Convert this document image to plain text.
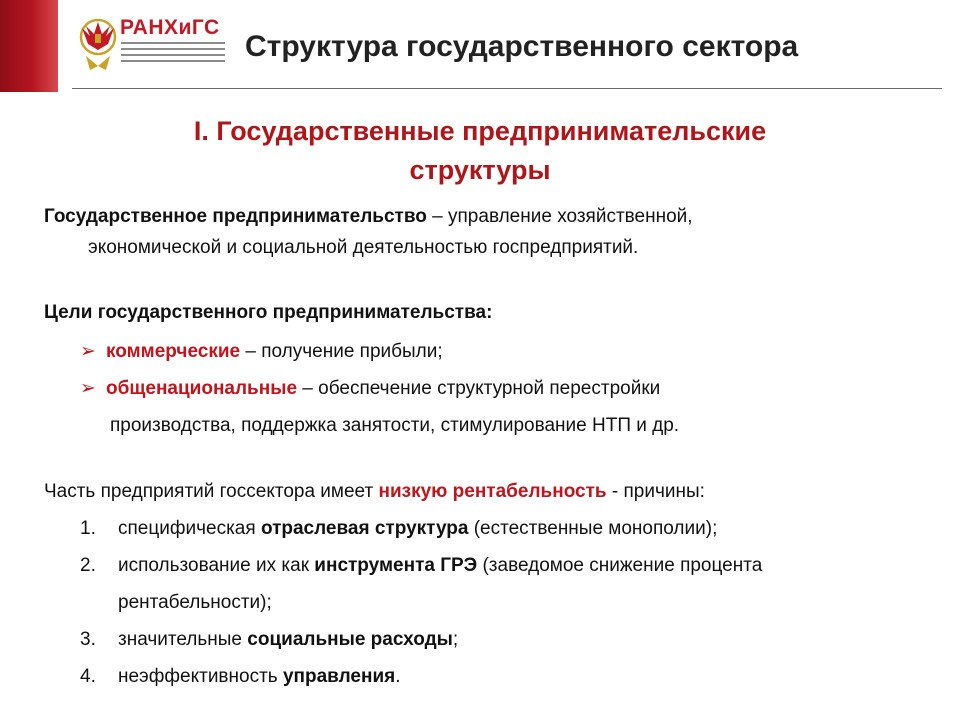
РАНХиГС
Структура государственного сектора
I. Государственные предпринимательские
структуры
Государственное предпринимательство – управление хозяйственной,
экономической и социальной деятельностью госпредприятий.
Цели государственного предпринимательства:
➢ коммерческие – получение прибыли;
➢ общенациональные – обеспечение структурной перестройки
производства, поддержка занятости, стимулирование НТП и др.
Часть предприятий госсектора имеет низкую рентабельность - причины:
1. специфическая отраслевая структура (естественные монополии);
2. использование их как инструмента ГРЭ (заведомое снижение процента
рентабельности);
3. значительные социальные расходы;
4. неэффективность управления.
